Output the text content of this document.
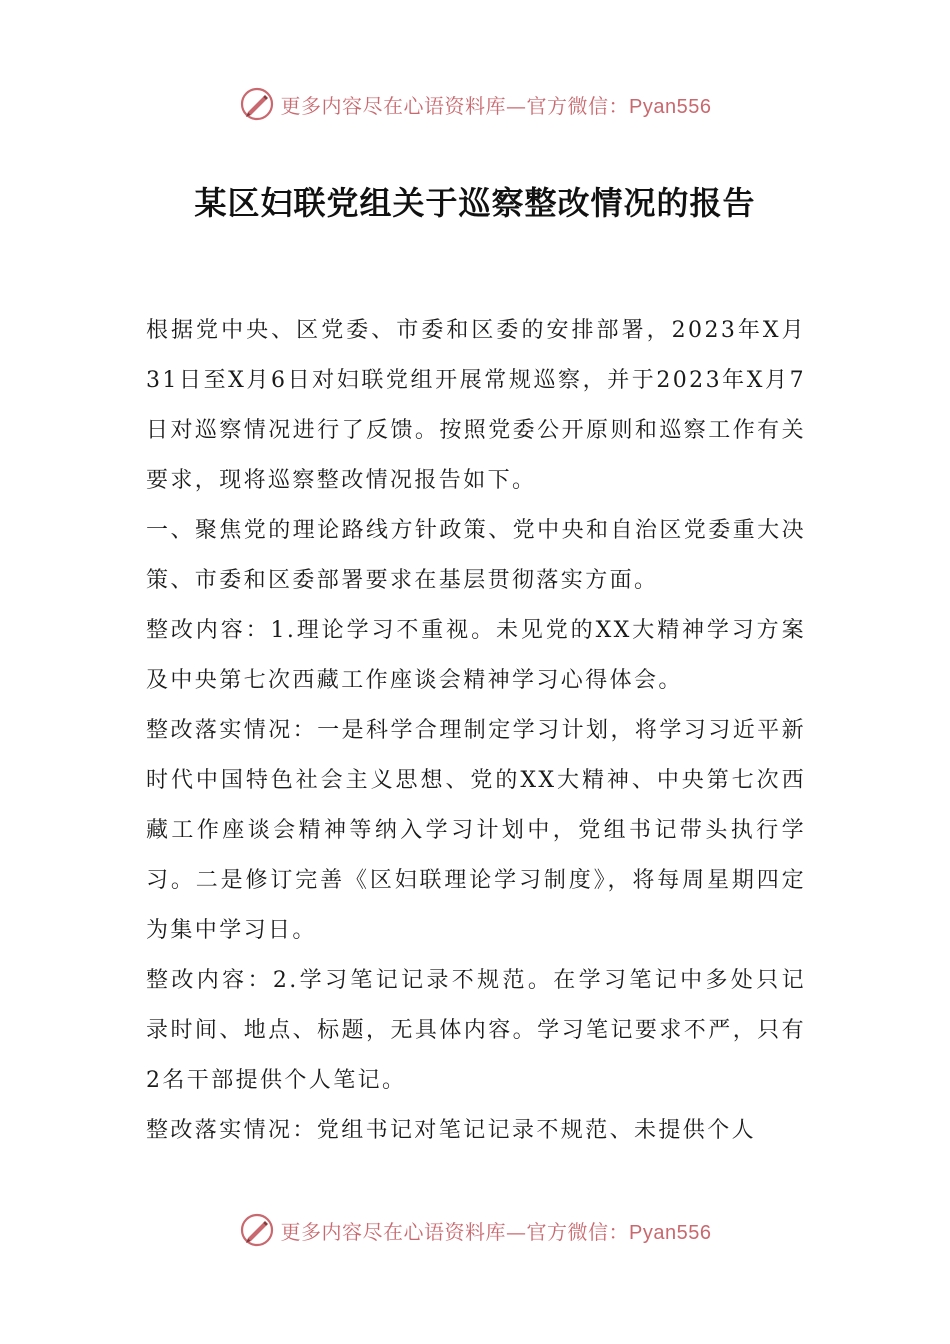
更多内容尽在心语资料库—官方微信：Pyan556
某区妇联党组关于巡察整改情况的报告

根据党中央、区党委、市委和区委的安排部署，2023年X月31日至X月6日对妇联党组开展常规巡察，并于2023年X月7日对巡察情况进行了反馈。按照党委公开原则和巡察工作有关要求，现将巡察整改情况报告如下。

一、聚焦党的理论路线方针政策、党中央和自治区党委重大决策、市委和区委部署要求在基层贯彻落实方面。

整改内容：1.理论学习不重视。未见党的XX大精神学习方案及中央第七次西藏工作座谈会精神学习心得体会。

整改落实情况：一是科学合理制定学习计划，将学习习近平新时代中国特色社会主义思想、党的XX大精神、中央第七次西藏工作座谈会精神等纳入学习计划中，党组书记带头执行学习。二是修订完善《区妇联理论学习制度》，将每周星期四定为集中学习日。

整改内容：2.学习笔记记录不规范。在学习笔记中多处只记录时间、地点、标题，无具体内容。学习笔记要求不严，只有2名干部提供个人笔记。

整改落实情况：党组书记对笔记记录不规范、未提供个人

更多内容尽在心语资料库—官方微信：Pyan556
